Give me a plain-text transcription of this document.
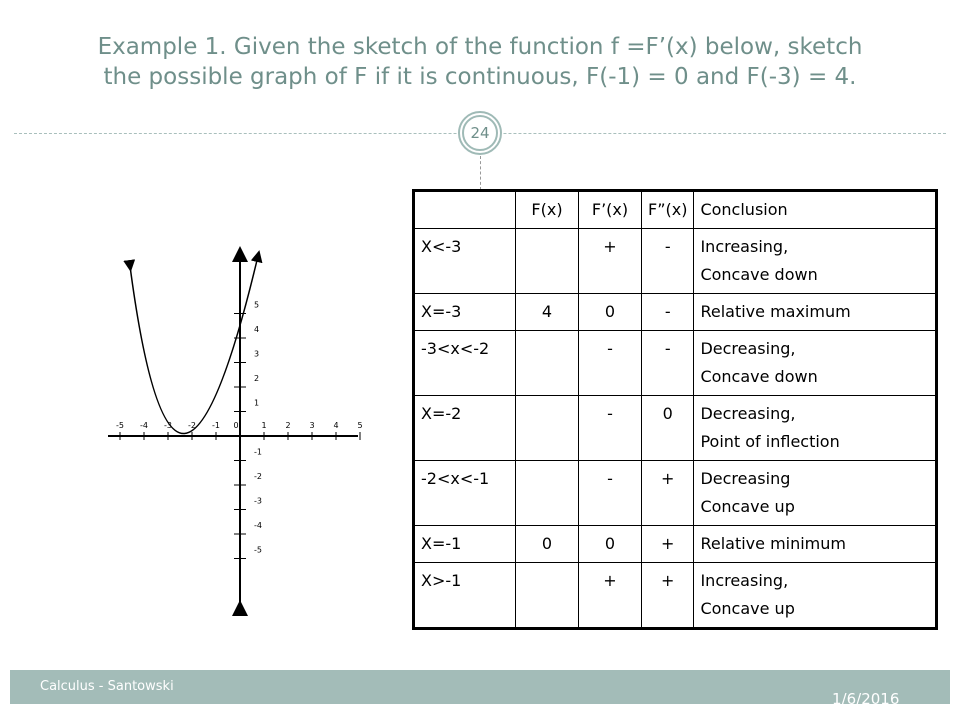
Example 1. Given the sketch of the function f =F’(x) below, sketch
the possible graph of F if it is continuous, F(-1) = 0 and F(-3) = 4.
24
-5 -4 -3 -2 -1 0	1 2 3 4 5
1
2
3
4
5
-1
-2
-3
-4
-5
	F(x)	F’(x)	F”(x)	Conclusion
X<-3		+	-	Increasing,
Concave down

X=-3	4	0	-	Relative maximum

-3<x<-2		-	-	Decreasing,
Concave down

X=-2		-	0	Decreasing,
Point of inflection

-2<x<-1		-	+	Decreasing
Concave up

X=-1	0	0	+	Relative minimum

X>-1		+	+	Increasing,
Concave up
Calculus - Santowski
1/6/2016
